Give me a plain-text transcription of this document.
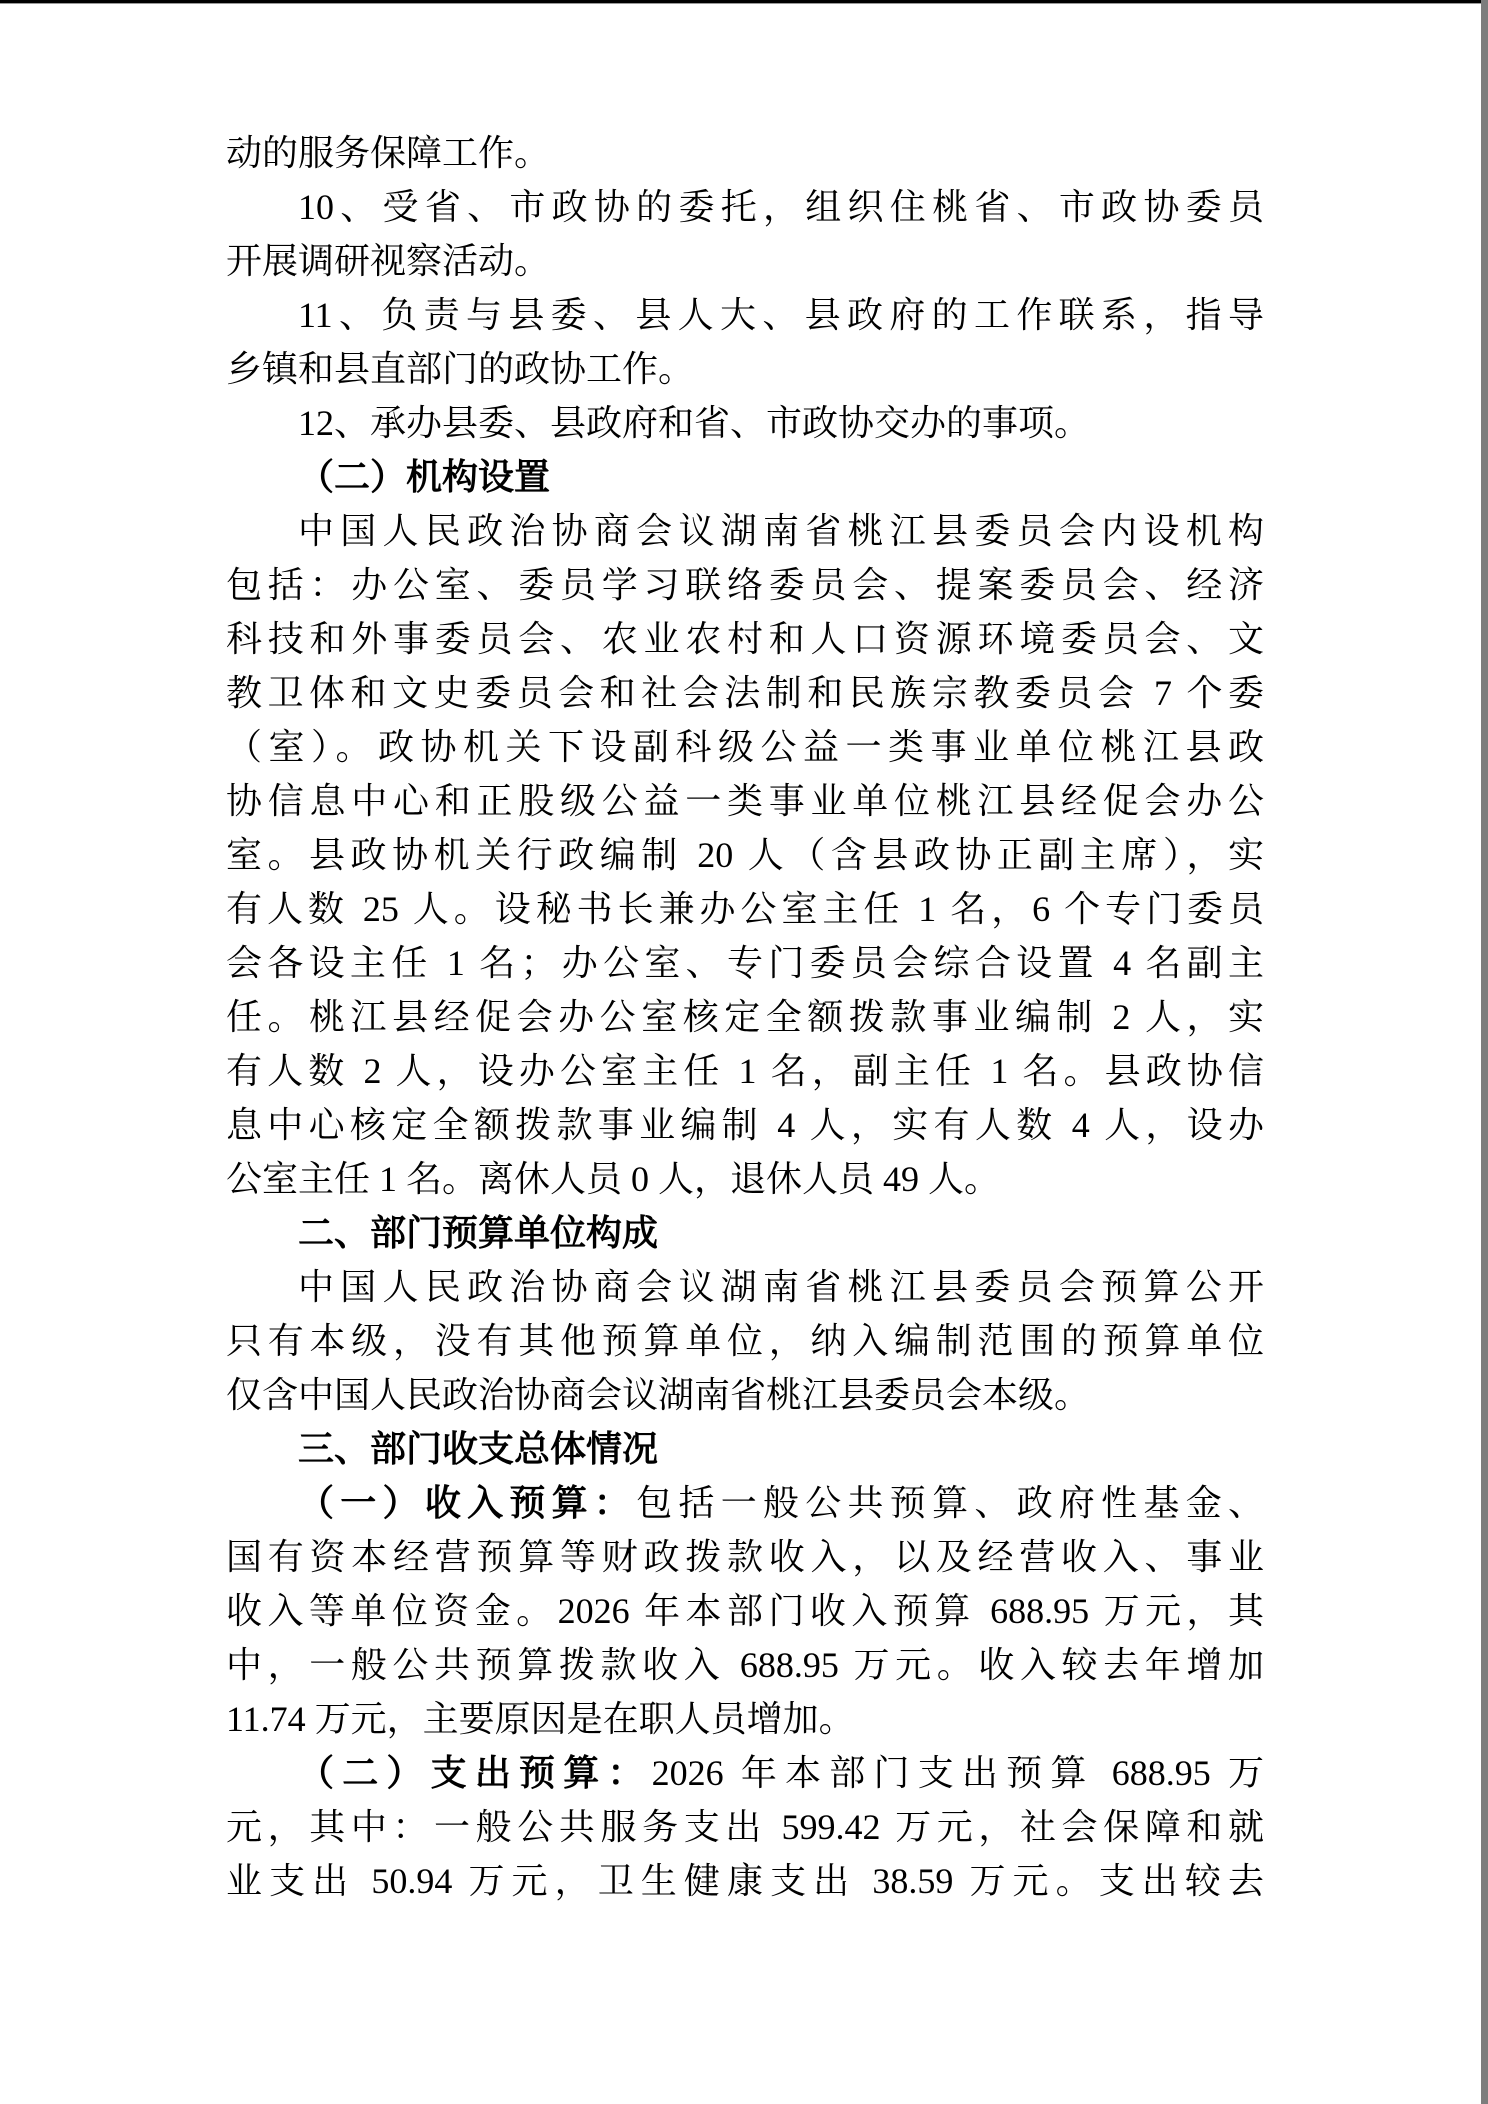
动的服务保障工作。
10、受省、市政协的委托，组织住桃省、市政协委员
开展调研视察活动。
11、负责与县委、县人大、县政府的工作联系，指导
乡镇和县直部门的政协工作。
12、承办县委、县政府和省、市政协交办的事项。
（二）机构设置
中国人民政治协商会议湖南省桃江县委员会内设机构
包括：办公室、委员学习联络委员会、提案委员会、经济
科技和外事委员会、农业农村和人口资源环境委员会、文
教卫体和文史委员会和社会法制和民族宗教委员会 7 个委
（室）。政协机关下设副科级公益一类事业单位桃江县政
协信息中心和正股级公益一类事业单位桃江县经促会办公
室。县政协机关行政编制 20 人（含县政协正副主席），实
有人数 25 人。设秘书长兼办公室主任 1 名，6 个专门委员
会各设主任 1 名；办公室、专门委员会综合设置 4 名副主
任。桃江县经促会办公室核定全额拨款事业编制 2 人，实
有人数 2 人，设办公室主任 1 名，副主任 1 名。县政协信
息中心核定全额拨款事业编制 4 人，实有人数 4 人，设办
公室主任 1 名。离休人员 0 人，退休人员 49 人。
二、部门预算单位构成
中国人民政治协商会议湖南省桃江县委员会预算公开
只有本级，没有其他预算单位，纳入编制范围的预算单位
仅含中国人民政治协商会议湖南省桃江县委员会本级。
三、部门收支总体情况
（一）收入预算：包括一般公共预算、政府性基金、
国有资本经营预算等财政拨款收入，以及经营收入、事业
收入等单位资金。2026 年本部门收入预算 688.95 万元，其
中，一般公共预算拨款收入 688.95 万元。收入较去年增加
11.74 万元，主要原因是在职人员增加。
（二）支出预算：2026 年本部门支出预算 688.95 万
元，其中：一般公共服务支出 599.42 万元，社会保障和就
业支出 50.94 万元，卫生健康支出 38.59 万元。支出较去
